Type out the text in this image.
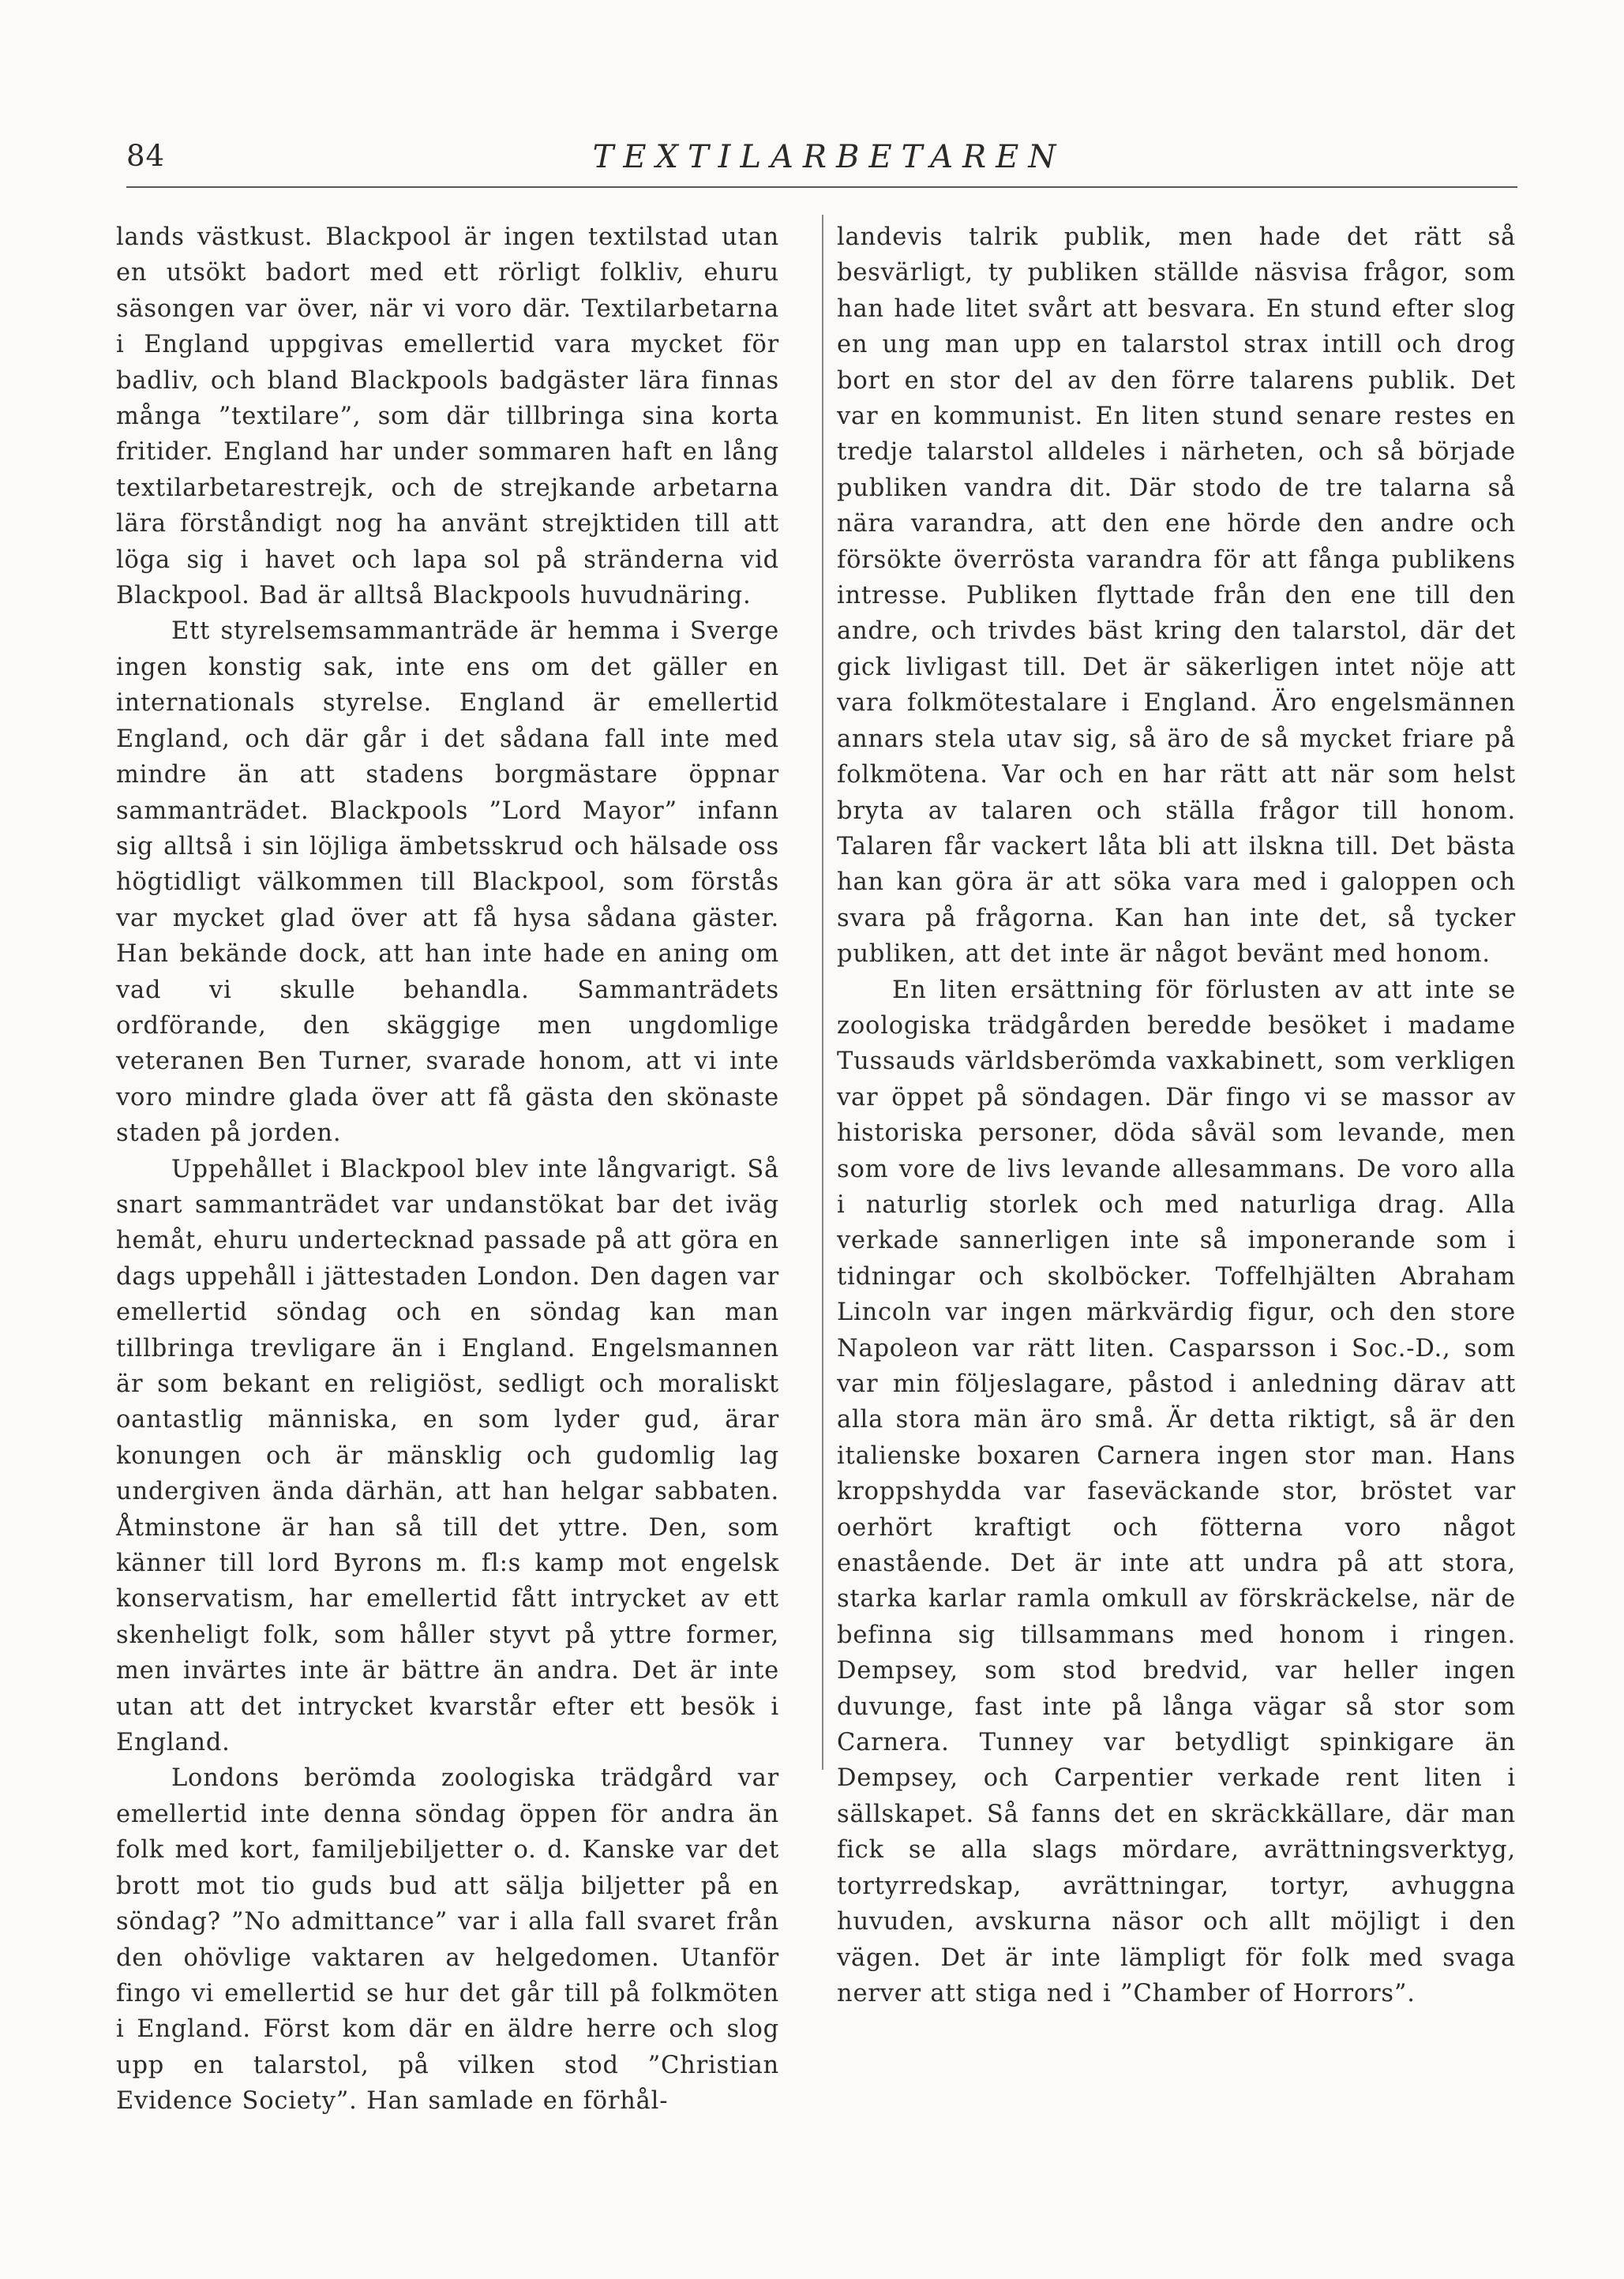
84	TEXTILARBETAREN

lands västkust. Blackpool är ingen textilstad utan en utsökt badort med ett rörligt folkliv, ehuru säsongen var över, när vi voro där. Textilarbetarna i England uppgivas emellertid vara mycket för badliv, och bland Blackpools badgäster lära finnas många ”textilare”, som där tillbringa sina korta fritider. England har under sommaren haft en lång textilarbetarestrejk, och de strejkande arbetarna lära förståndigt nog ha använt strejktiden till att löga sig i havet och lapa sol på stränderna vid Blackpool. Bad är alltså Blackpools huvudnäring.

Ett styrelsemsammanträde är hemma i Sverge ingen konstig sak, inte ens om det gäller en internationals styrelse. England är emellertid England, och där går i det sådana fall inte med mindre än att stadens borgmästare öppnar sammanträdet. Blackpools ”Lord Mayor” infann sig alltså i sin löjliga ämbetsskrud och hälsade oss högtidligt välkommen till Blackpool, som förstås var mycket glad över att få hysa sådana gäster. Han bekände dock, att han inte hade en aning om vad vi skulle behandla. Sammanträdets ordförande, den skäggige men ungdomlige veteranen Ben Turner, svarade honom, att vi inte voro mindre glada över att få gästa den skönaste staden på jorden.

Uppehållet i Blackpool blev inte långvarigt. Så snart sammanträdet var undanstökat bar det iväg hemåt, ehuru undertecknad passade på att göra en dags uppehåll i jättestaden London. Den dagen var emellertid söndag och en söndag kan man tillbringa trevligare än i England. Engelsmannen är som bekant en religiöst, sedligt och moraliskt oantastlig människa, en som lyder gud, ärar konungen och är mänsklig och gudomlig lag undergiven ända därhän, att han helgar sabbaten. Åtminstone är han så till det yttre. Den, som känner till lord Byrons m. fl:s kamp mot engelsk konservatism, har emellertid fått intrycket av ett skenheligt folk, som håller styvt på yttre former, men invärtes inte är bättre än andra. Det är inte utan att det intrycket kvarstår efter ett besök i England.

Londons berömda zoologiska trädgård var emellertid inte denna söndag öppen för andra än folk med kort, familjebiljetter o. d. Kanske var det brott mot tio guds bud att sälja biljetter på en söndag? ”No admittance” var i alla fall svaret från den ohövlige vaktaren av helgedomen. Utanför fingo vi emellertid se hur det går till på folkmöten i England. Först kom där en äldre herre och slog upp en talarstol, på vilken stod ”Christian Evidence Society”. Han samlade en förhål-

landevis talrik publik, men hade det rätt så besvärligt, ty publiken ställde näsvisa frågor, som han hade litet svårt att besvara. En stund efter slog en ung man upp en talarstol strax intill och drog bort en stor del av den förre talarens publik. Det var en kommunist. En liten stund senare restes en tredje talarstol alldeles i närheten, och så började publiken vandra dit. Där stodo de tre talarna så nära varandra, att den ene hörde den andre och försökte överrösta varandra för att fånga publikens intresse. Publiken flyttade från den ene till den andre, och trivdes bäst kring den talarstol, där det gick livligast till. Det är säkerligen intet nöje att vara folkmötestalare i England. Äro engelsmännen annars stela utav sig, så äro de så mycket friare på folkmötena. Var och en har rätt att när som helst bryta av talaren och ställa frågor till honom. Talaren får vackert låta bli att ilskna till. Det bästa han kan göra är att söka vara med i galoppen och svara på frågorna. Kan han inte det, så tycker publiken, att det inte är något bevänt med honom.

En liten ersättning för förlusten av att inte se zoologiska trädgården beredde besöket i madame Tussauds världsberömda vaxkabinett, som verkligen var öppet på söndagen. Där fingo vi se massor av historiska personer, döda såväl som levande, men som vore de livs levande allesammans. De voro alla i naturlig storlek och med naturliga drag. Alla verkade sannerligen inte så imponerande som i tidningar och skolböcker. Toffelhjälten Abraham Lincoln var ingen märkvärdig figur, och den store Napoleon var rätt liten. Casparsson i Soc.-D., som var min följeslagare, påstod i anledning därav att alla stora män äro små. Är detta riktigt, så är den italienske boxaren Carnera ingen stor man. Hans kroppshydda var faseväckande stor, bröstet var oerhört kraftigt och fötterna voro något enastående. Det är inte att undra på att stora, starka karlar ramla omkull av förskräckelse, när de befinna sig tillsammans med honom i ringen. Dempsey, som stod bredvid, var heller ingen duvunge, fast inte på långa vägar så stor som Carnera. Tunney var betydligt spinkigare än Dempsey, och Carpentier verkade rent liten i sällskapet. Så fanns det en skräckkällare, där man fick se alla slags mördare, avrättningsverktyg, tortyrredskap, avrättningar, tortyr, avhuggna huvuden, avskurna näsor och allt möjligt i den vägen. Det är inte lämpligt för folk med svaga nerver att stiga ned i ”Chamber of Horrors”.
